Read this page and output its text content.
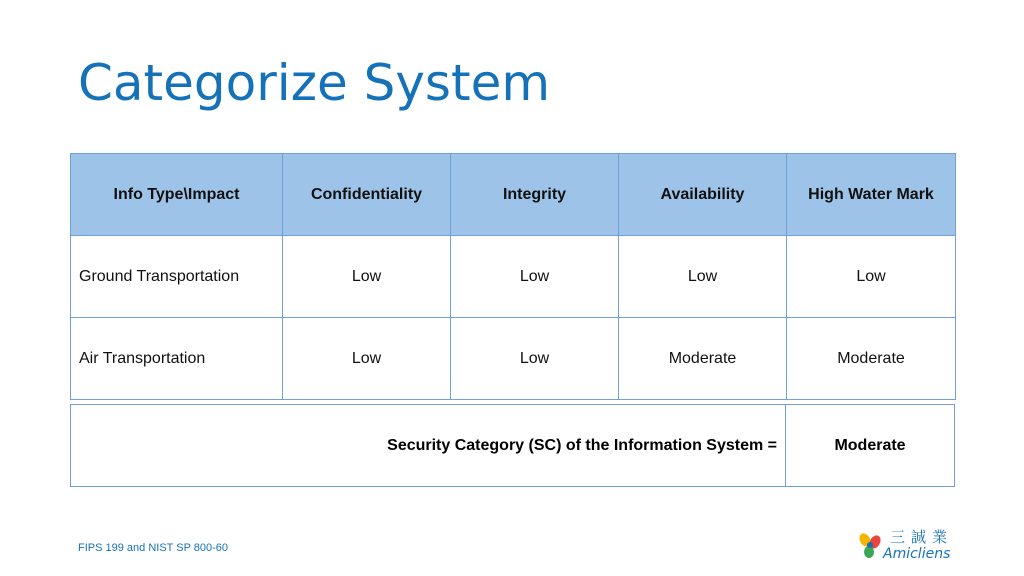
Categorize System
Info Type\Impact	Confidentiality	Integrity	Availability	High Water Mark
Ground Transportation	Low	Low	Low	Low
Air Transportation	Low	Low	Moderate	Moderate
Security Category (SC) of the Information System =	Moderate
FIPS 199 and NIST SP 800-60
三誠業
Amicliens
